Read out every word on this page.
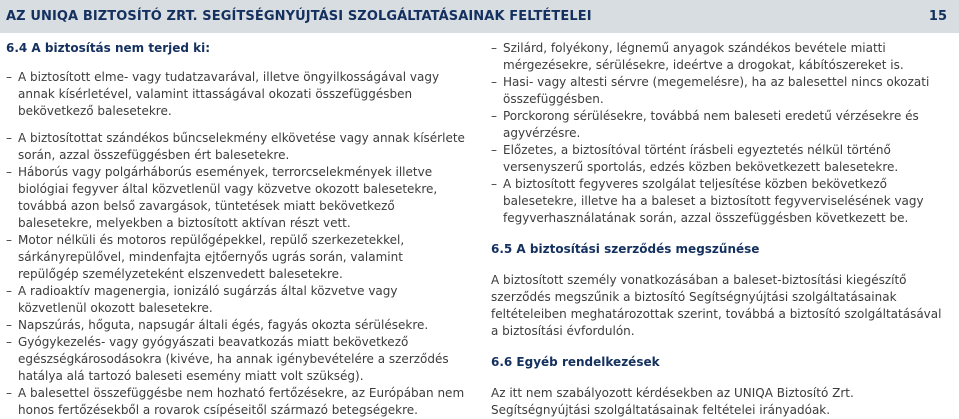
AZ UNIQA BIZTOSÍTÓ ZRT. SEGÍTSÉGNYÚJTÁSI SZOLGÁLTATÁSAINAK FELTÉTELEI	15

6.4 A biztosítás nem terjed ki:

– A biztosított elme- vagy tudatzavarával, illetve öngyilkosságával vagy annak kísérletével, valamint ittasságával okozati összefüggésben bekövetkező balesetekre.

– A biztosítottat szándékos bűncselekmény elkövetése vagy annak kísérlete során, azzal összefüggésben ért balesetekre.

– Háborús vagy polgárháborús események, terrorcselekmények illetve biológiai fegyver által közvetlenül vagy közvetve okozott balesetekre, továbbá azon belső zavargások, tüntetések miatt bekövetkező balesetekre, melyekben a biztosított aktívan részt vett.

– Motor nélküli és motoros repülőgépekkel, repülő szerkezetekkel, sárkányrepülővel, mindenfajta ejtőernyős ugrás során, valamint repülőgép személyzeteként elszenvedett balesetekre.

– A radioaktív magenergia, ionizáló sugárzás által közvetve vagy közvetlenül okozott balesetekre.

– Napszúrás, hőguta, napsugár általi égés, fagyás okozta sérülésekre.

– Gyógykezelés- vagy gyógyászati beavatkozás miatt bekövetkező egészségkárosodásokra (kivéve, ha annak igénybevételére a szerződés hatálya alá tartozó baleseti esemény miatt volt szükség).

– A balesettel összefüggésbe nem hozható fertőzésekre, az Európában nem honos fertőzésekből a rovarok csípéseitől származó betegségekre.

– Szilárd, folyékony, légnemű anyagok szándékos bevétele miatti mérgezésekre, sérülésekre, ideértve a drogokat, kábítószereket is.

– Hasi- vagy altesti sérvre (megemelésre), ha az balesettel nincs okozati összefüggésben.

– Porckorong sérülésekre, továbbá nem baleseti eredetű vérzésekre és agyvérzésre.

– Előzetes, a biztosítóval történt írásbeli egyeztetés nélkül történő versenyszerű sportolás, edzés közben bekövetkezett balesetekre.

– A biztosított fegyveres szolgálat teljesítése közben bekövetkező balesetekre, illetve ha a baleset a biztosított fegyverviselésének vagy fegyverhasználatának során, azzal összefüggésben következett be.

6.5 A biztosítási szerződés megszűnése

A biztosított személy vonatkozásában a baleset-biztosítási kiegészítő szerződés megszűnik a biztosító Segítségnyújtási szolgáltatásainak feltételeiben meghatározottak szerint, továbbá a biztosító szolgáltatásával a biztosítási évfordulón.

6.6 Egyéb rendelkezések

Az itt nem szabályozott kérdésekben az UNIQA Biztosító Zrt. Segítségnyújtási szolgáltatásainak feltételei irányadóak.
